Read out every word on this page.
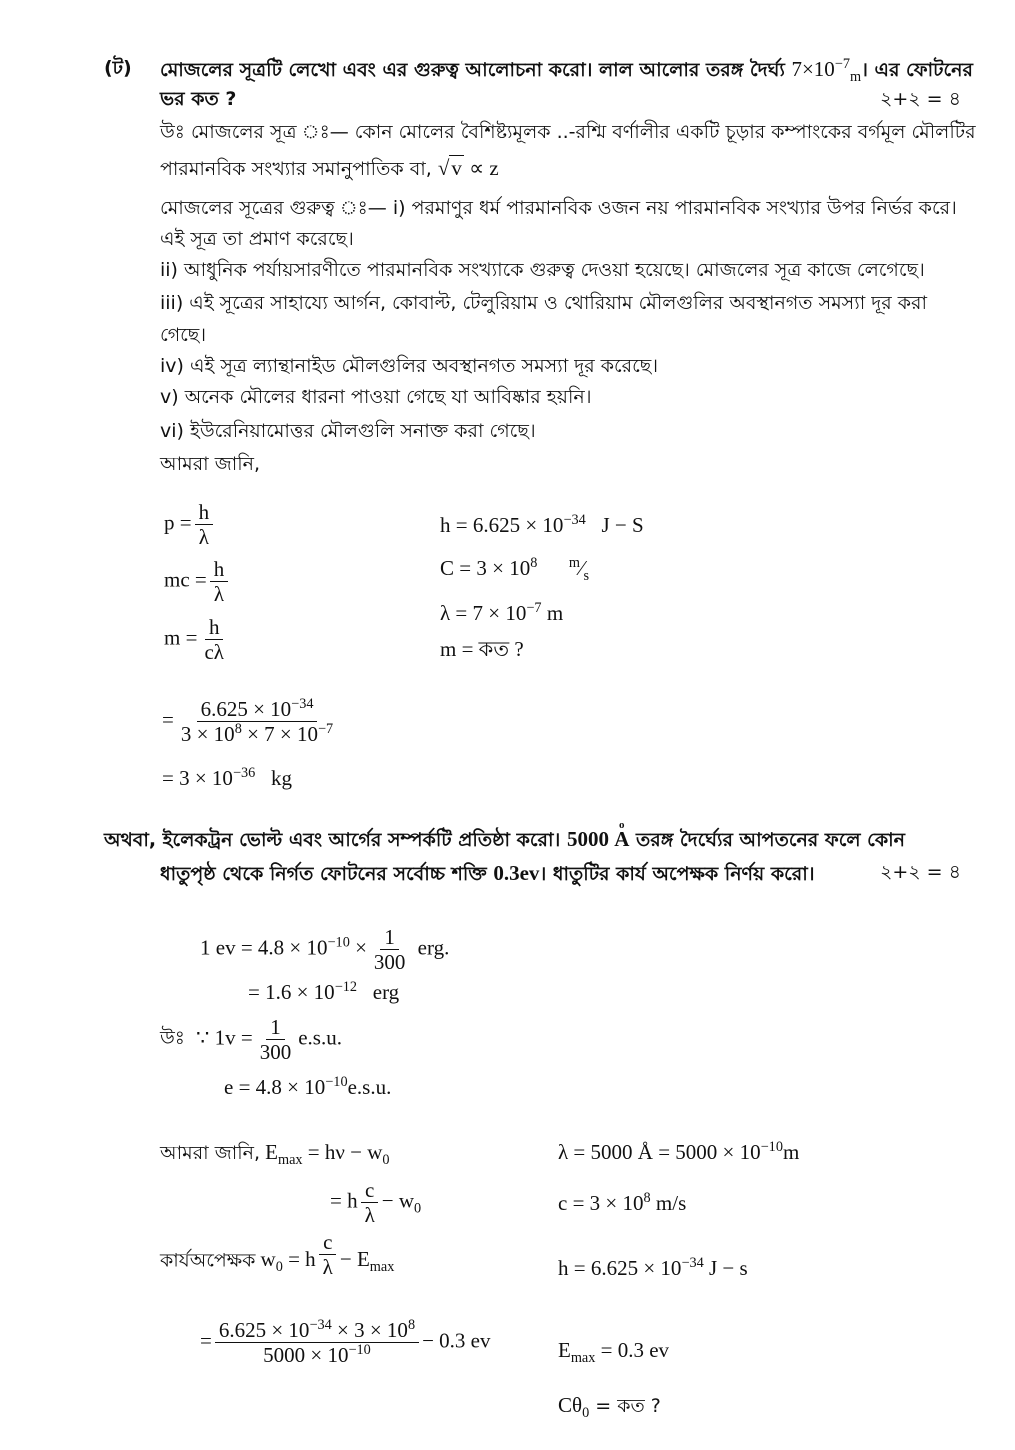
(ট) মোজলের সূত্রটি লেখো এবং এর গুরুত্ব আলোচনা করো। লাল আলোর তরঙ্গ দৈর্ঘ্য $7\times 10^{-7}_m।$ এর ফোটনের
ভর কত ?	২+২ = ৪
উঃ মোজলের সূত্র ঃ— কোন মোলের বৈশিষ্ট্যমূলক ..-রশ্মি বর্ণালীর একটি চূড়ার কম্পাংকের বর্গমূল মৌলটির
পারমানবিক সংখ্যার সমানুপাতিক বা, √v ∝ z
মোজলের সূত্রের গুরুত্ব ঃ— i) পরমাণুর ধর্ম পারমানবিক ওজন নয় পারমানবিক সংখ্যার উপর নির্ভর করে।
এই সূত্র তা প্রমাণ করেছে।
ii) আধুনিক পর্যায়সারণীতে পারমানবিক সংখ্যাকে গুরুত্ব দেওয়া হয়েছে। মোজলের সূত্র কাজে লেগেছে।
iii) এই সূত্রের সাহায্যে আর্গন, কোবাল্ট, টেলুরিয়াম ও থোরিয়াম মৌলগুলির অবস্থানগত সমস্যা দূর করা
গেছে।
iv) এই সূত্র ল্যান্থানাইড মৌলগুলির অবস্থানগত সমস্যা দূর করেছে।
v) অনেক মৌলের ধারনা পাওয়া গেছে যা আবিষ্কার হয়নি।
vi) ইউরেনিয়ামোত্তর মৌলগুলি সনাক্ত করা গেছে।
আমরা জানি,
$p = \frac{h}{\lambda}$
mc = $\frac{h}{\lambda}$
$m = \frac{h}{c\lambda}$
$h = 6.625 \times 10^{-34}$ J − S
$C = 3 \times 10^8$ $^m⁄_s$
$\lambda = 7 \times 10^{-7}$ m
m = কত ?
= $\frac{6.625 \times 10^{-34}}{3 \times 10^8 \times 7 \times 10^{-7}}$
= $3 \times 10^{-36}$ kg
অথবা, ইলেকট্রন ভোল্ট এবং আর্গের সম্পর্কটি প্রতিষ্ঠা করো। 5000 o A তরঙ্গ দৈর্ঘ্যের আপতনের ফলে কোন
ধাতুপৃষ্ঠ থেকে নির্গত ফোটনের সর্বোচ্চ শক্তি 0.3ev। ধাতুটির কার্য অপেক্ষক নির্ণয় করো।	২+২ = ৪
1 ev = $4.8 \times 10^{-10} \times \frac{1}{300}$ erg.
= $1.6 \times 10^{-12}$ erg
উঃ ∵ $1v = \frac{1}{300} e.s.u$.
$e = 4.8 \times 10^{-10}e.s.u$.
আমরা জানি, $E_{max} = h\nu - w_0$
= h $\frac{c}{\lambda} - w_0$
কার্যঅপেক্ষক $w_0 = h \frac{c}{\lambda} - E_{max}$
= $\frac{6.625 \times 10^{-34} \times 3 \times 10^8}{5000 \times 10^{-10}} - 0.3$ ev
λ = 5000 Å = $5000 \times 10^{-10}m$
$c = 3 \times 10^8$ m/s
$h = 6.625 \times 10^{-34}$ J − s
$E_{max} = 0.3$ ev
$C\theta_0$ = কত ?
